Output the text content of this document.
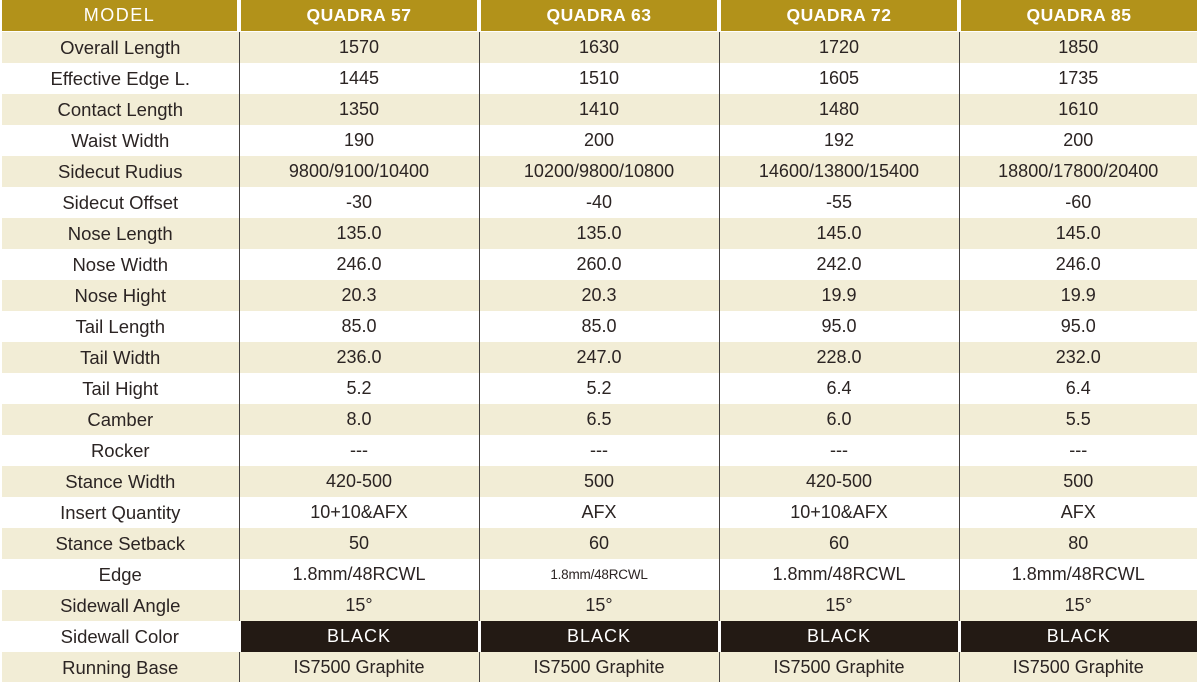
MODEL	QUADRA 57	QUADRA 63	QUADRA 72	QUADRA 85
Overall Length	1570	1630	1720	1850
Effective Edge L.	1445	1510	1605	1735
Contact Length	1350	1410	1480	1610
Waist Width	190	200	192	200
Sidecut Rudius	9800/9100/10400	10200/9800/10800	14600/13800/15400	18800/17800/20400
Sidecut Offset	-30	-40	-55	-60
Nose Length	135.0	135.0	145.0	145.0
Nose Width	246.0	260.0	242.0	246.0
Nose Hight	20.3	20.3	19.9	19.9
Tail Length	85.0	85.0	95.0	95.0
Tail Width	236.0	247.0	228.0	232.0
Tail Hight	5.2	5.2	6.4	6.4
Camber	8.0	6.5	6.0	5.5
Rocker	---	---	---	---
Stance Width	420-500	500	420-500	500
Insert Quantity	10+10&AFX	AFX	10+10&AFX	AFX
Stance Setback	50	60	60	80
Edge	1.8mm/48RCWL	1.8mm/48RCWL	1.8mm/48RCWL	1.8mm/48RCWL
Sidewall Angle	15°	15°	15°	15°
Sidewall Color	BLACK	BLACK	BLACK	BLACK
Running Base	IS7500 Graphite	IS7500 Graphite	IS7500 Graphite	IS7500 Graphite
